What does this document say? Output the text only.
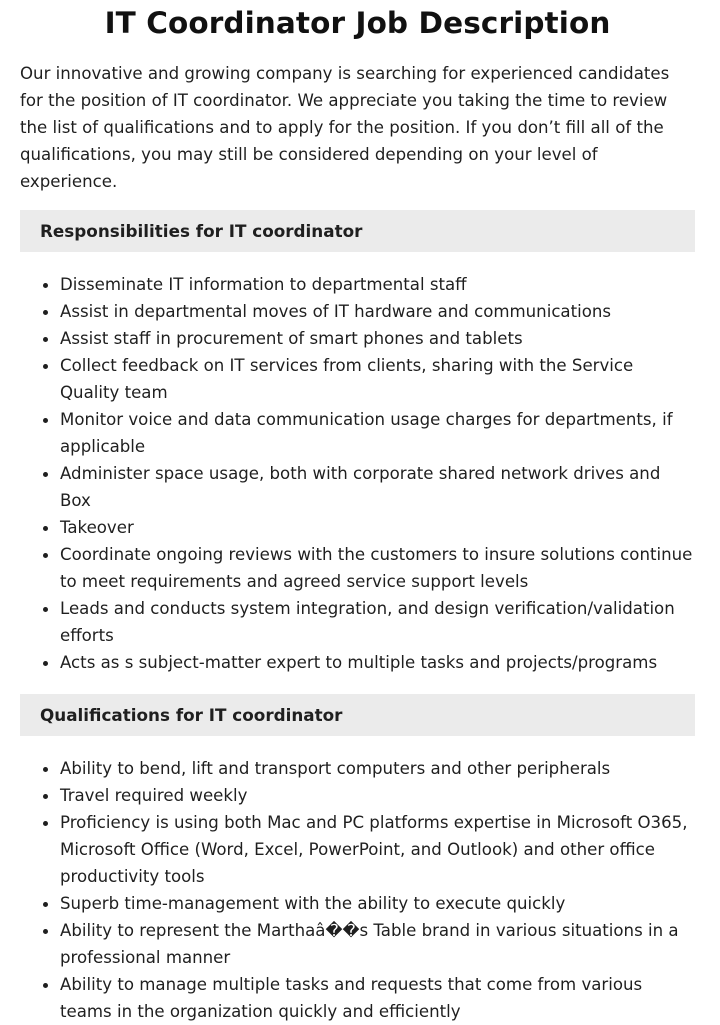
IT Coordinator Job Description

Our innovative and growing company is searching for experienced candidates for the position of IT coordinator. We appreciate you taking the time to review the list of qualifications and to apply for the position. If you don’t fill all of the qualifications, you may still be considered depending on your level of experience.

Responsibilities for IT coordinator
Disseminate IT information to departmental staff
Assist in departmental moves of IT hardware and communications
Assist staff in procurement of smart phones and tablets
Collect feedback on IT services from clients, sharing with the Service Quality team
Monitor voice and data communication usage charges for departments, if applicable
Administer space usage, both with corporate shared network drives and Box
Takeover
Coordinate ongoing reviews with the customers to insure solutions continue to meet requirements and agreed service support levels
Leads and conducts system integration, and design verification/validation efforts
Acts as s subject-matter expert to multiple tasks and projects/programs
Qualifications for IT coordinator
Ability to bend, lift and transport computers and other peripherals
Travel required weekly
Proficiency is using both Mac and PC platforms expertise in Microsoft O365, Microsoft Office (Word, Excel, PowerPoint, and Outlook) and other office productivity tools
Superb time-management with the ability to execute quickly
Ability to represent the Marthaâ��s Table brand in various situations in a professional manner
Ability to manage multiple tasks and requests that come from various teams in the organization quickly and efficiently
